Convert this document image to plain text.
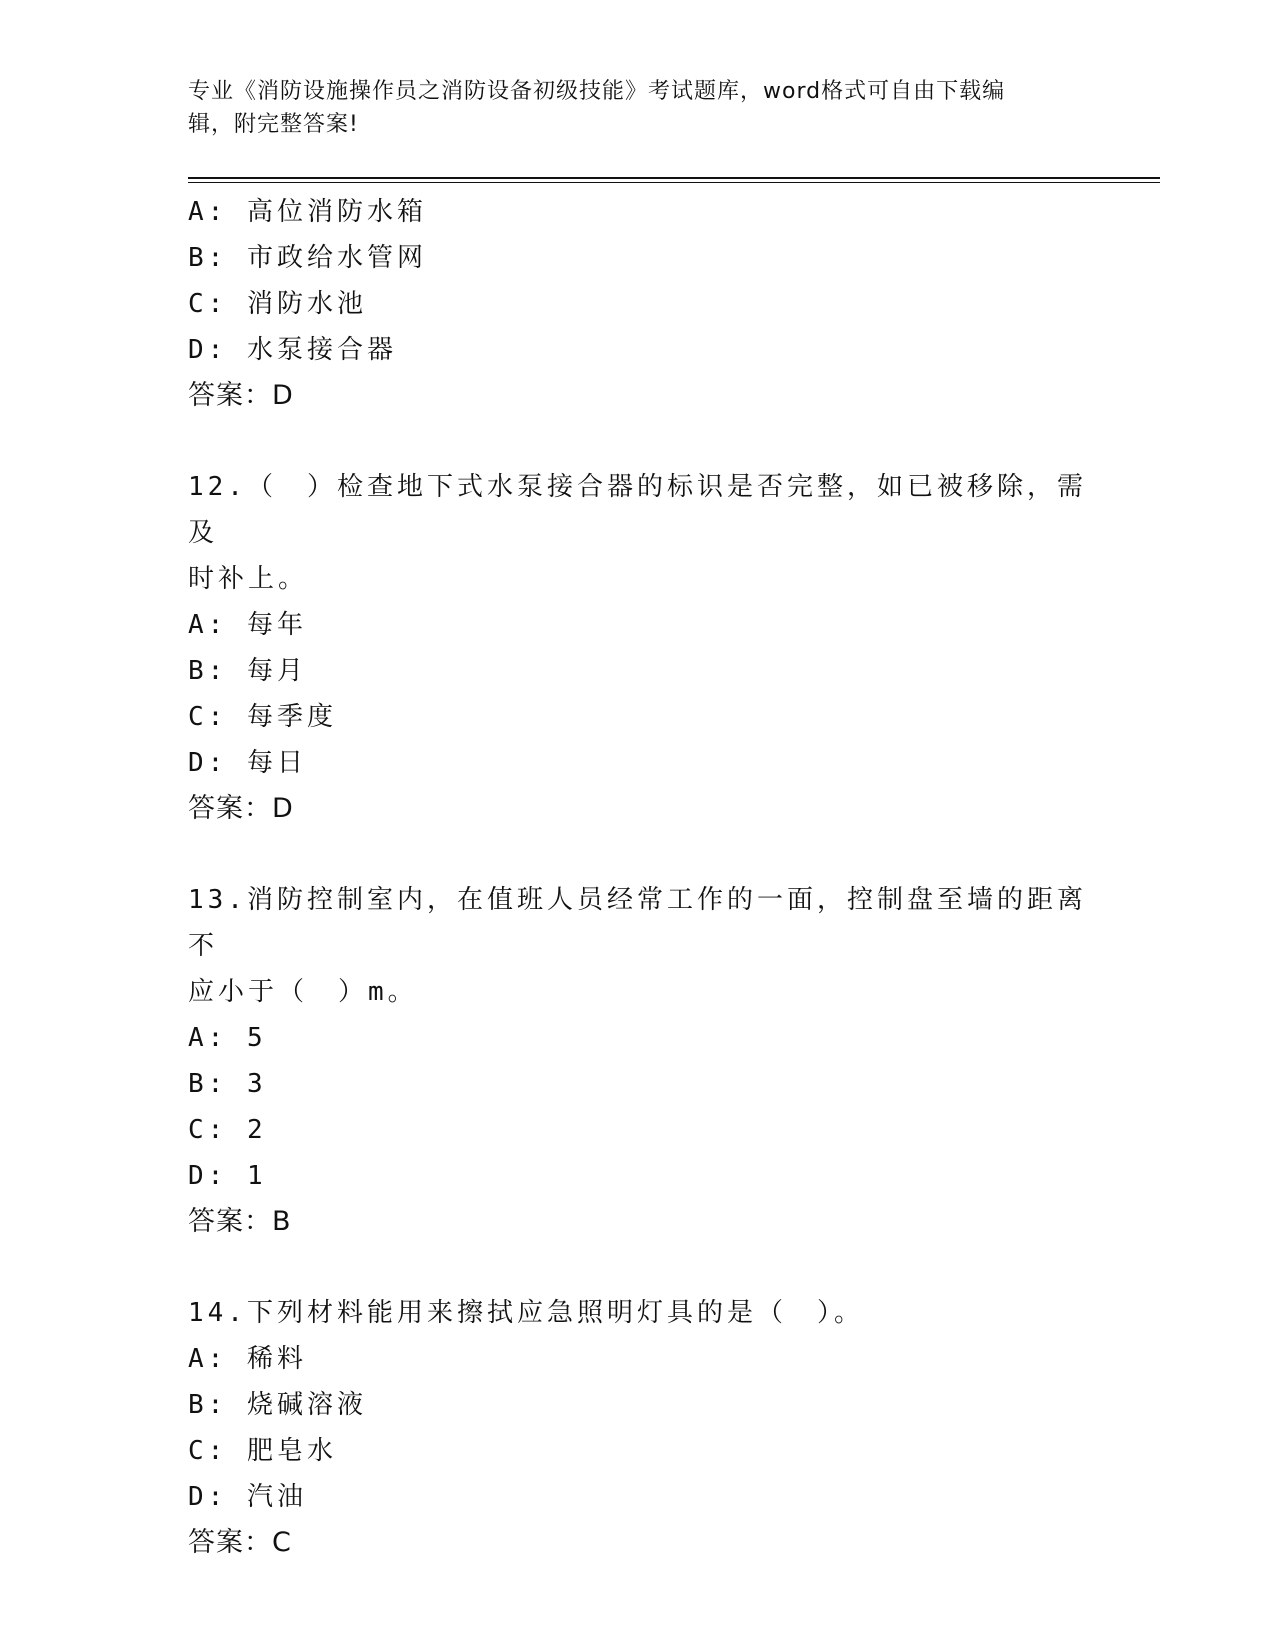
专业《消防设施操作员之消防设备初级技能》考试题库，word格式可自由下载编
辑，附完整答案!
A: 高位消防水箱
B: 市政给水管网
C: 消防水池
D: 水泵接合器
答案：D
12.（　）检查地下式水泵接合器的标识是否完整，如已被移除，需及
时补上。
A: 每年
B: 每月
C: 每季度
D: 每日
答案：D
13.消防控制室内，在值班人员经常工作的一面，控制盘至墙的距离不
应小于（　）m。
A: 5
B: 3
C: 2
D: 1
答案：B
14.下列材料能用来擦拭应急照明灯具的是（　）。
A: 稀料
B: 烧碱溶液
C: 肥皂水
D: 汽油
答案：C
